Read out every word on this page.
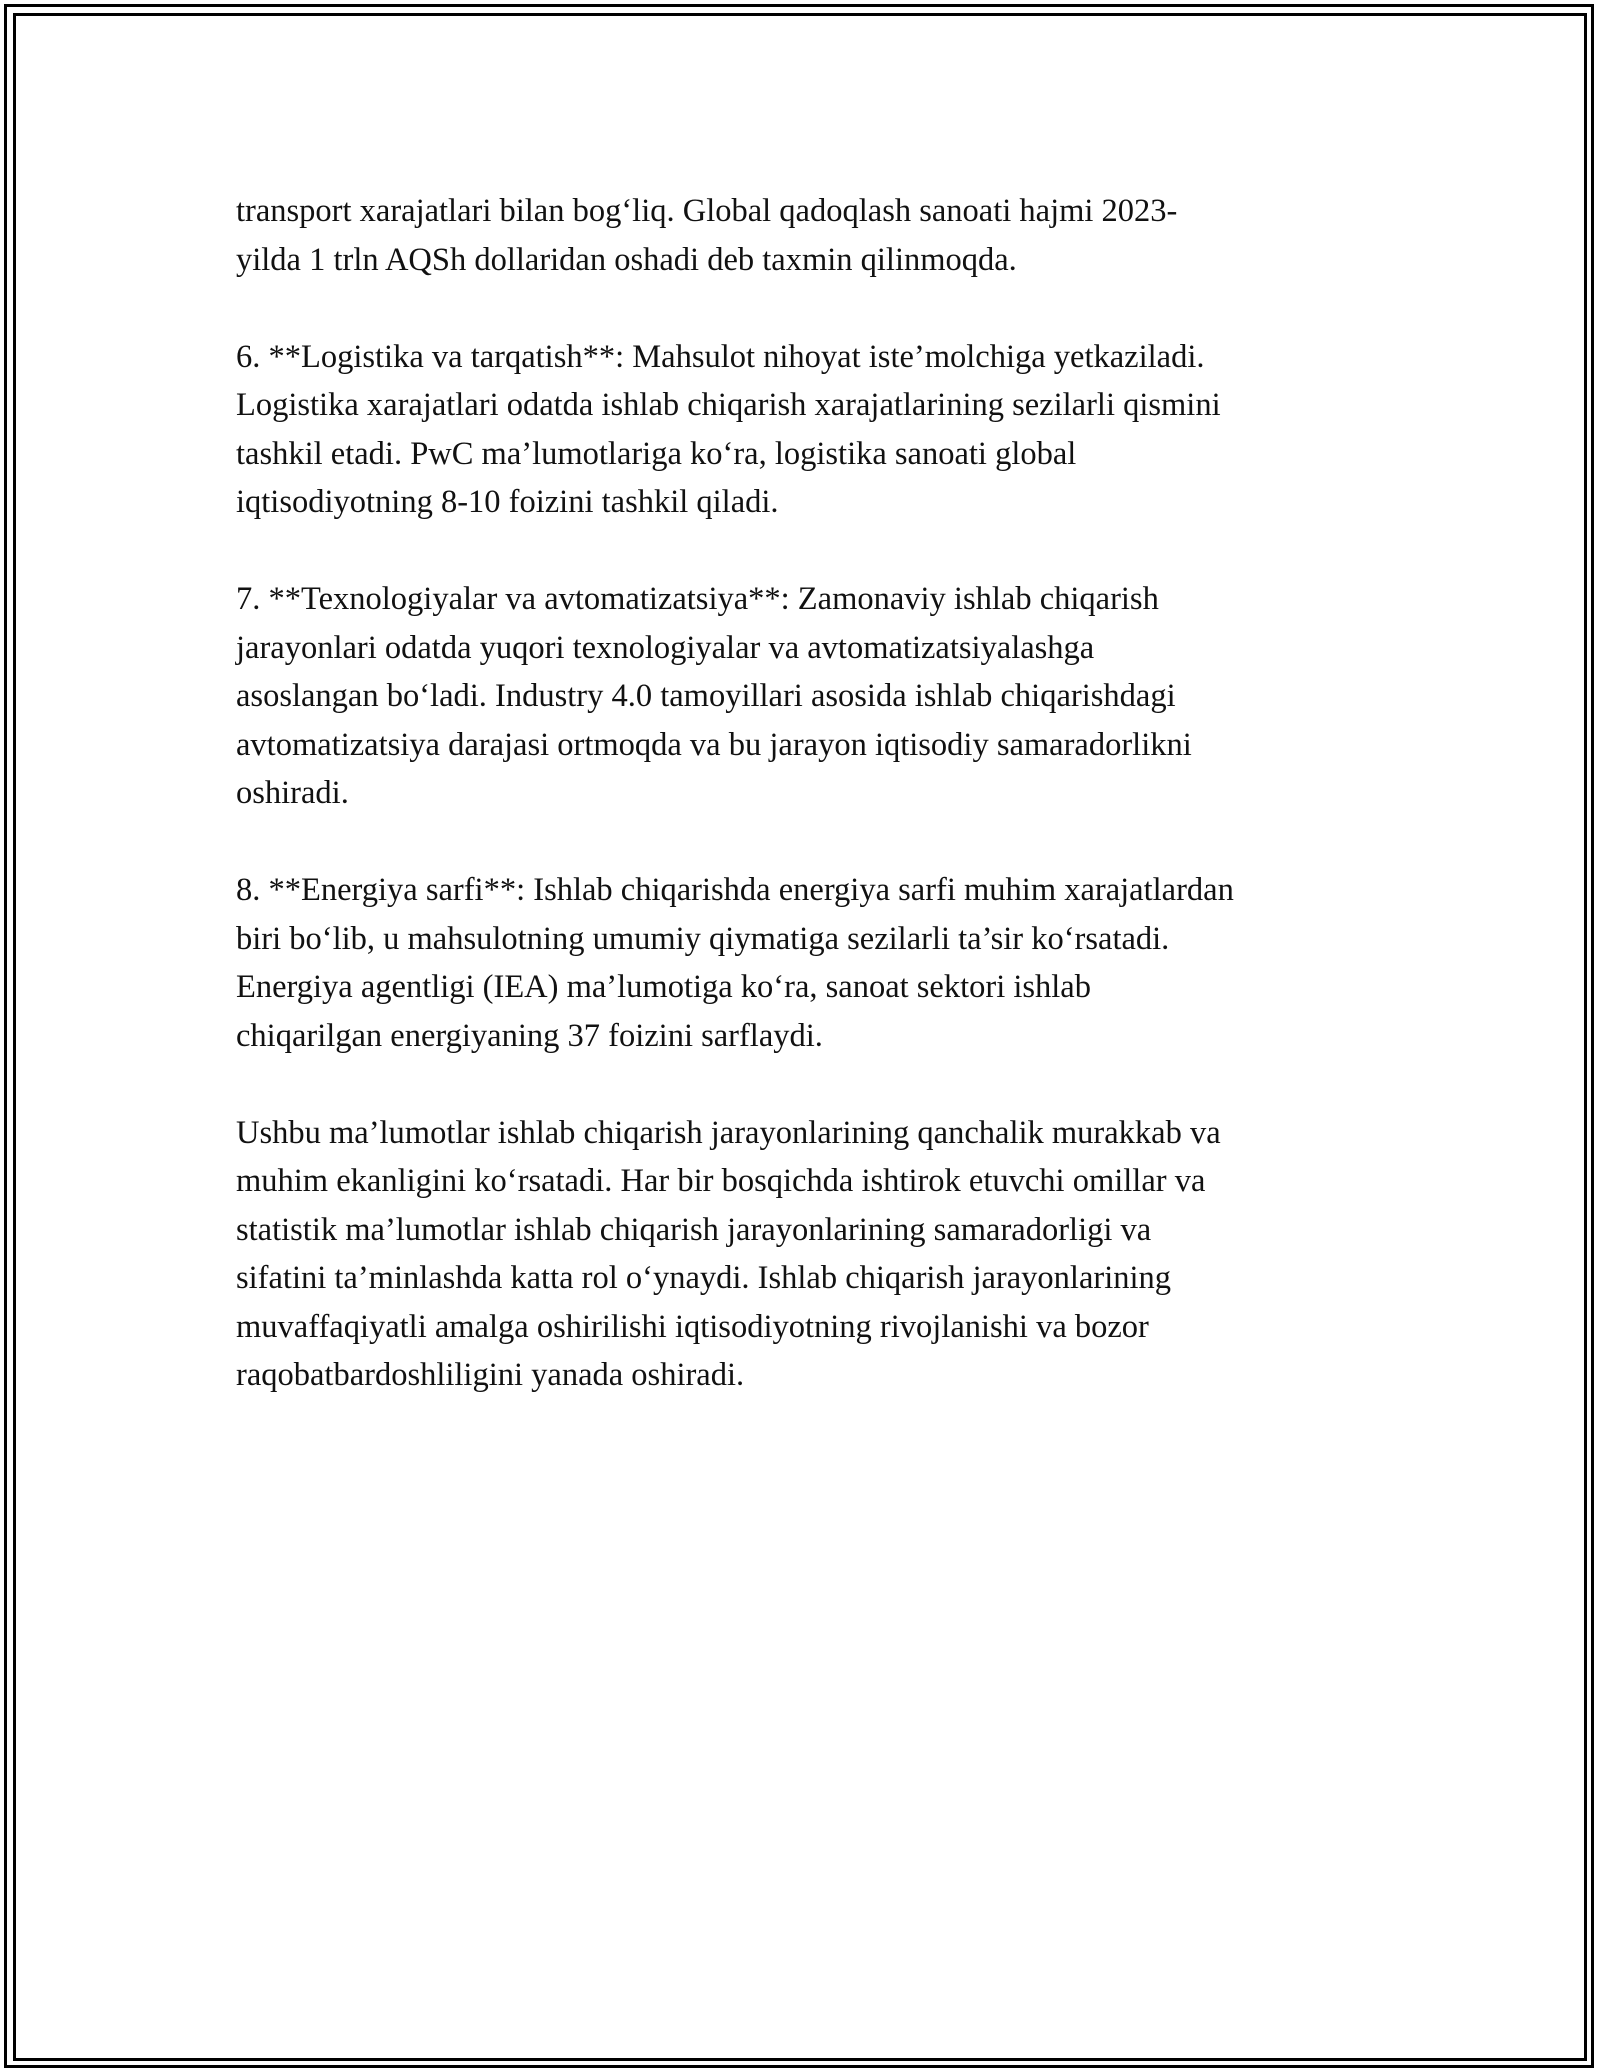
transport xarajatlari bilan bog‘liq. Global qadoqlash sanoati hajmi 2023-
yilda 1 trln AQSh dollaridan oshadi deb taxmin qilinmoqda.

6. **Logistika va tarqatish**: Mahsulot nihoyat iste’molchiga yetkaziladi.
Logistika xarajatlari odatda ishlab chiqarish xarajatlarining sezilarli qismini
tashkil etadi. PwC ma’lumotlariga ko‘ra, logistika sanoati global
iqtisodiyotning 8-10 foizini tashkil qiladi.

7. **Texnologiyalar va avtomatizatsiya**: Zamonaviy ishlab chiqarish
jarayonlari odatda yuqori texnologiyalar va avtomatizatsiyalashga
asoslangan bo‘ladi. Industry 4.0 tamoyillari asosida ishlab chiqarishdagi
avtomatizatsiya darajasi ortmoqda va bu jarayon iqtisodiy samaradorlikni
oshiradi.

8. **Energiya sarfi**: Ishlab chiqarishda energiya sarfi muhim xarajatlardan
biri bo‘lib, u mahsulotning umumiy qiymatiga sezilarli ta’sir ko‘rsatadi.
Energiya agentligi (IEA) ma’lumotiga ko‘ra, sanoat sektori ishlab
chiqarilgan energiyaning 37 foizini sarflaydi.

Ushbu ma’lumotlar ishlab chiqarish jarayonlarining qanchalik murakkab va
muhim ekanligini ko‘rsatadi. Har bir bosqichda ishtirok etuvchi omillar va
statistik ma’lumotlar ishlab chiqarish jarayonlarining samaradorligi va
sifatini ta’minlashda katta rol o‘ynaydi. Ishlab chiqarish jarayonlarining
muvaffaqiyatli amalga oshirilishi iqtisodiyotning rivojlanishi va bozor
raqobatbardoshliligini yanada oshiradi.
